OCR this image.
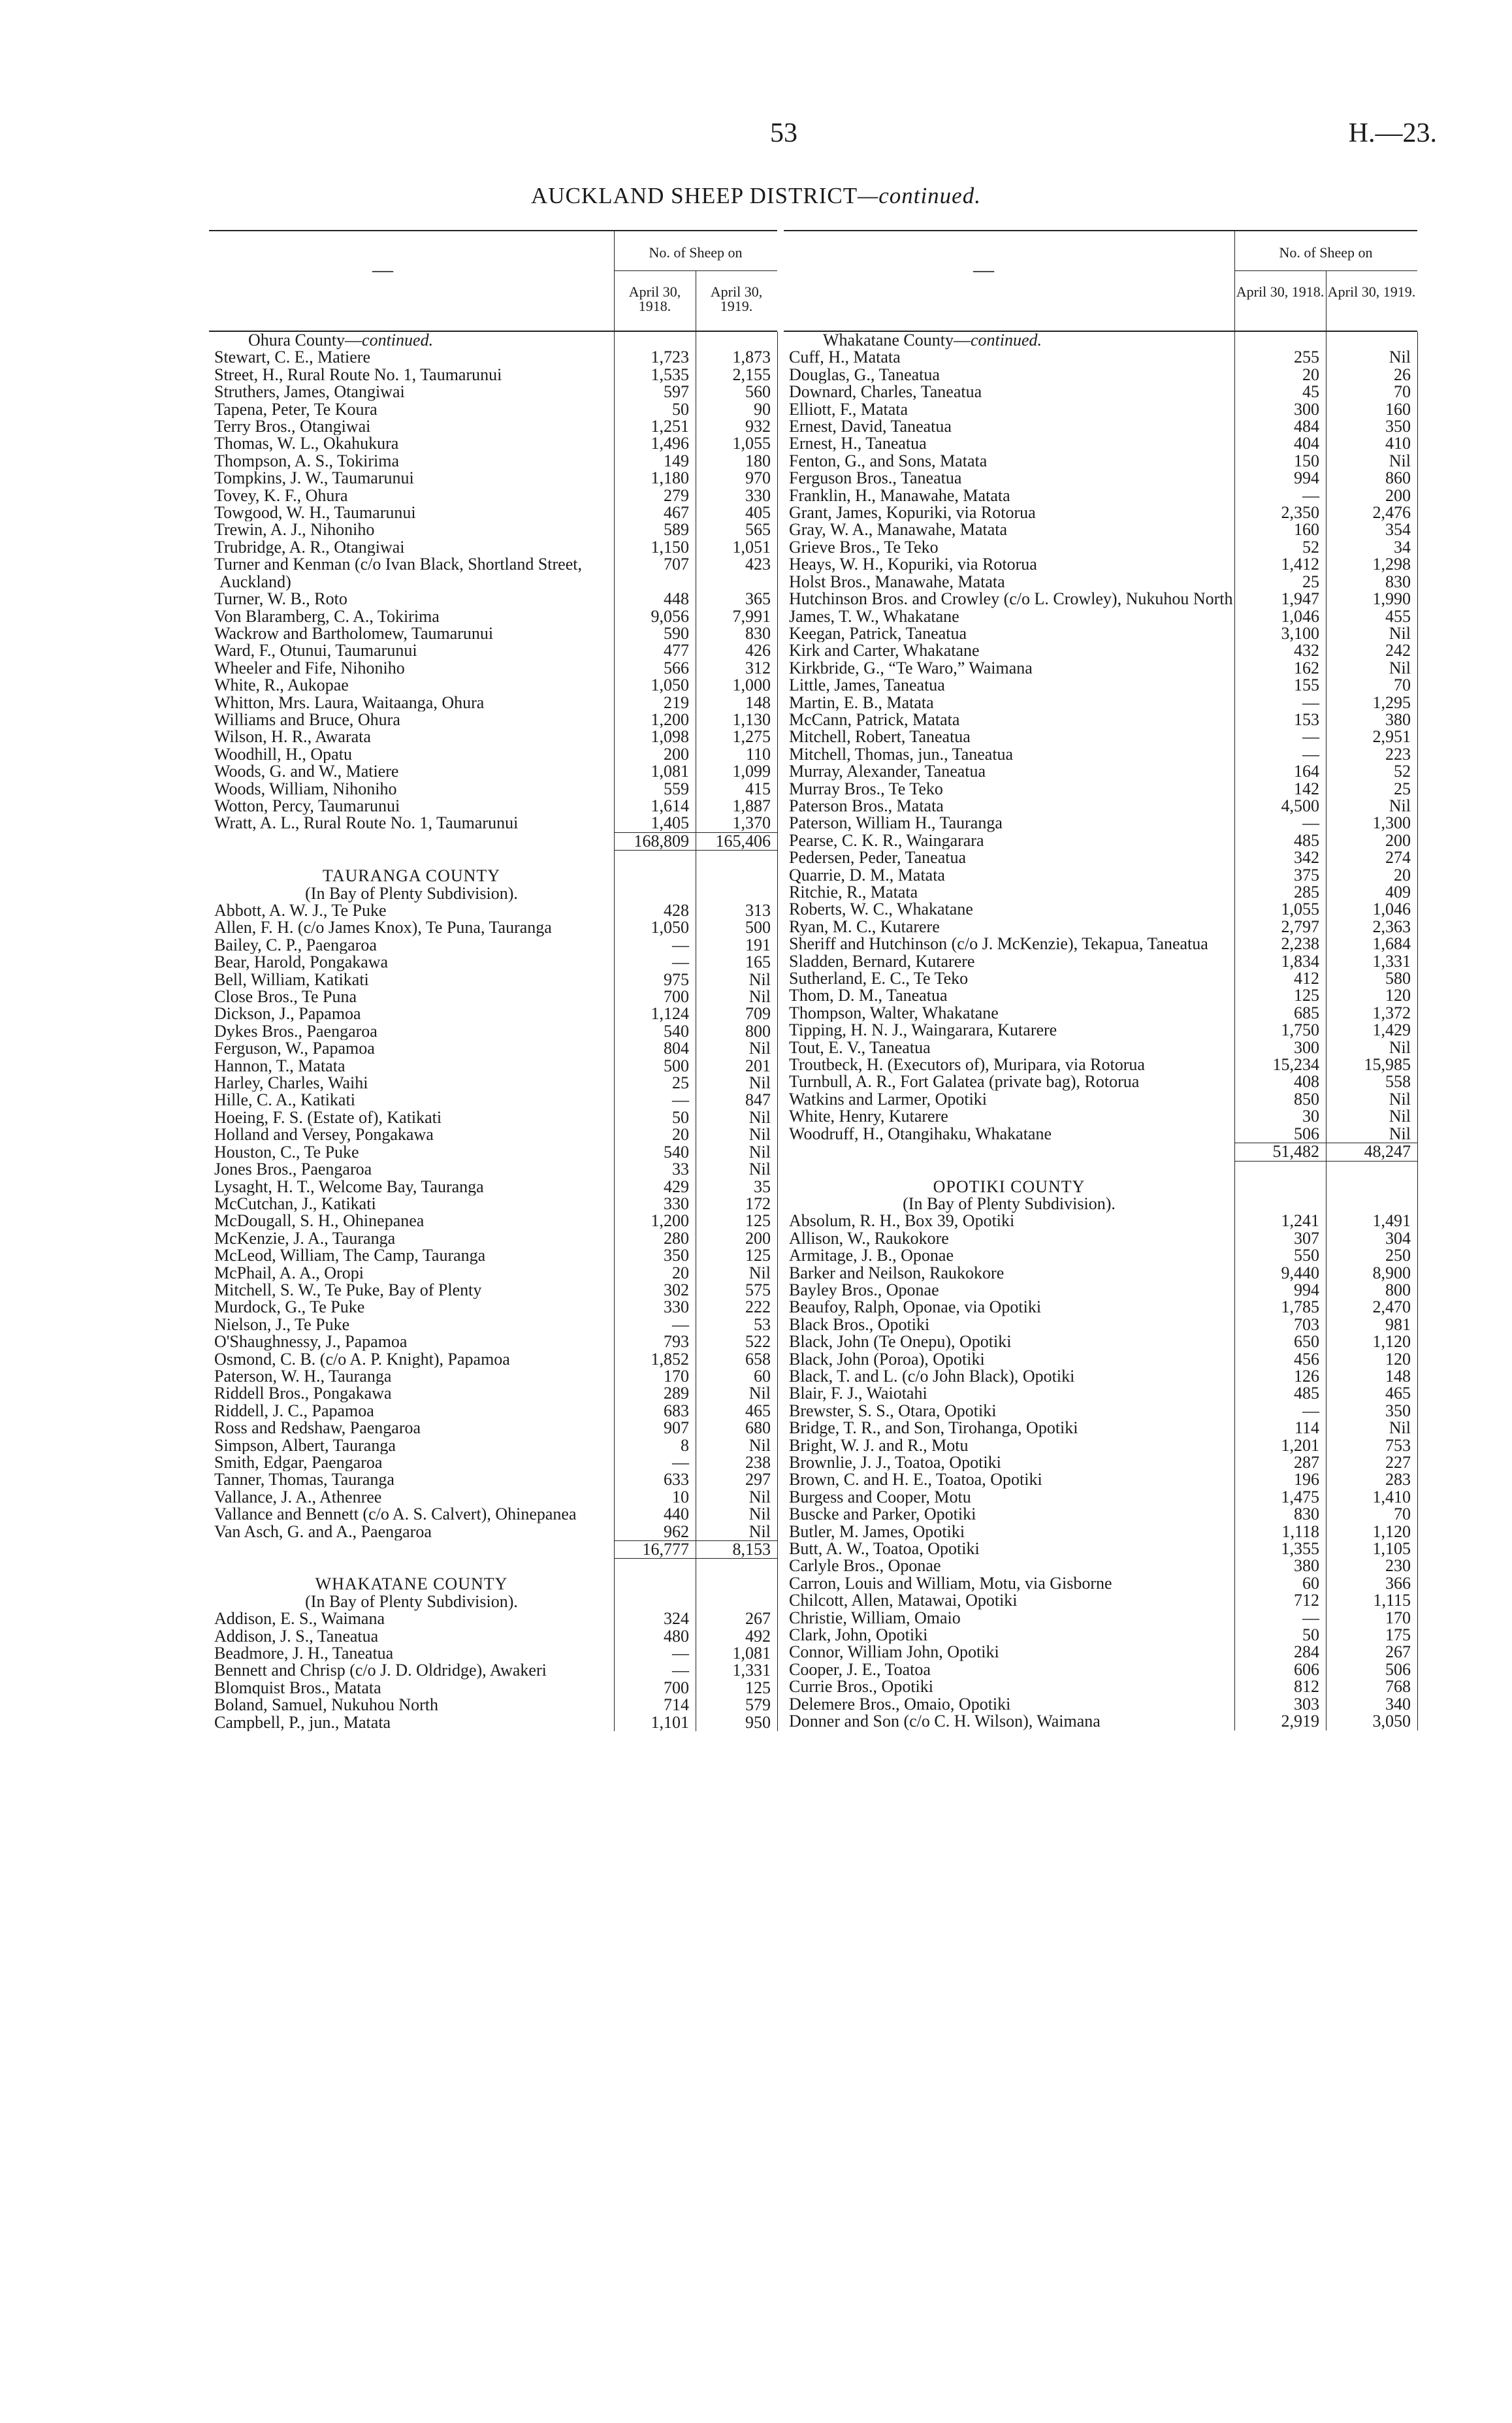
53	H.—23.
AUCKLAND SHEEP DISTRICT—continued.
—
No. of Sheep on
April 30, 1918.
April 30, 1919.
Ohura County—continued.
Stewart, C. E., Matiere	1,723	1,873
Street, H., Rural Route No. 1, Taumarunui	1,535	2,155
Struthers, James, Otangiwai	597	560
Tapena, Peter, Te Koura	50	90
Terry Bros., Otangiwai	1,251	932
Thomas, W. L., Okahukura	1,496	1,055
Thompson, A. S., Tokirima	149	180
Tompkins, J. W., Taumarunui	1,180	970
Tovey, K. F., Ohura	279	330
Towgood, W. H., Taumarunui	467	405
Trewin, A. J., Nihoniho	589	565
Trubridge, A. R., Otangiwai	1,150	1,051
Turner and Kenman (c/o Ivan Black, Shortland Street, Auckland)
707	423
Turner, W. B., Roto	448	365
Von Blaramberg, C. A., Tokirima	9,056	7,991
Wackrow and Bartholomew, Taumarunui	590	830
Ward, F., Otunui, Taumarunui	477	426
Wheeler and Fife, Nihoniho	566	312
White, R., Aukopae	1,050	1,000
Whitton, Mrs. Laura, Waitaanga, Ohura	219	148
Williams and Bruce, Ohura	1,200	1,130
Wilson, H. R., Awarata	1,098	1,275
Woodhill, H., Opatu	200	110
Woods, G. and W., Matiere	1,081	1,099
Woods, William, Nihoniho	559	415
Wotton, Percy, Taumarunui	1,614	1,887
Wratt, A. L., Rural Route No. 1, Taumarunui	1,405	1,370
168,809	165,406
TAURANGA COUNTY
(In Bay of Plenty Subdivision).
Abbott, A. W. J., Te Puke	428	313
Allen, F. H. (c/o James Knox), Te Puna, Tauranga	1,050	500
Bailey, C. P., Paengaroa	—	191
Bear, Harold, Pongakawa	—	165
Bell, William, Katikati	975	Nil
Close Bros., Te Puna	700	Nil
Dickson, J., Papamoa	1,124	709
Dykes Bros., Paengaroa	540	800
Ferguson, W., Papamoa	804	Nil
Hannon, T., Matata	500	201
Harley, Charles, Waihi	25	Nil
Hille, C. A., Katikati	—	847
Hoeing, F. S. (Estate of), Katikati	50	Nil
Holland and Versey, Pongakawa	20	Nil
Houston, C., Te Puke	540	Nil
Jones Bros., Paengaroa	33	Nil
Lysaght, H. T., Welcome Bay, Tauranga	429	35
McCutchan, J., Katikati	330	172
McDougall, S. H., Ohinepanea	1,200	125
McKenzie, J. A., Tauranga	280	200
McLeod, William, The Camp, Tauranga	350	125
McPhail, A. A., Oropi	20	Nil
Mitchell, S. W., Te Puke, Bay of Plenty	302	575
Murdock, G., Te Puke	330	222
Nielson, J., Te Puke	—	53
O'Shaughnessy, J., Papamoa	793	522
Osmond, C. B. (c/o A. P. Knight), Papamoa	1,852	658
Paterson, W. H., Tauranga	170	60
Riddell Bros., Pongakawa	289	Nil
Riddell, J. C., Papamoa	683	465
Ross and Redshaw, Paengaroa	907	680
Simpson, Albert, Tauranga	8	Nil
Smith, Edgar, Paengaroa	—	238
Tanner, Thomas, Tauranga	633	297
Vallance, J. A., Athenree	10	Nil
Vallance and Bennett (c/o A. S. Calvert), Ohinepanea	440	Nil
Van Asch, G. and A., Paengaroa	962	Nil
16,777	8,153
WHAKATANE COUNTY
(In Bay of Plenty Subdivision).
Addison, E. S., Waimana	324	267
Addison, J. S., Taneatua	480	492
Beadmore, J. H., Taneatua	—	1,081
Bennett and Chrisp (c/o J. D. Oldridge), Awakeri	—	1,331
Blomquist Bros., Matata	700	125
Boland, Samuel, Nukuhou North	714	579
Campbell, P., jun., Matata	1,101	950
—
No. of Sheep on
April 30, 1918. April 30, 1919.
Whakatane County—continued.
Cuff, H., Matata	255	Nil
Douglas, G., Taneatua	20	26
Downard, Charles, Taneatua	45	70
Elliott, F., Matata	300	160
Ernest, David, Taneatua	484	350
Ernest, H., Taneatua	404	410
Fenton, G., and Sons, Matata	150	Nil
Ferguson Bros., Taneatua	994	860
Franklin, H., Manawahe, Matata	—	200
Grant, James, Kopuriki, via Rotorua	2,350	2,476
Gray, W. A., Manawahe, Matata	160	354
Grieve Bros., Te Teko	52	34
Heays, W. H., Kopuriki, via Rotorua	1,412	1,298
Holst Bros., Manawahe, Matata	25	830
Hutchinson Bros. and Crowley (c/o L. Crowley), Nukuhou North	1,947	1,990
James, T. W., Whakatane	1,046	455
Keegan, Patrick, Taneatua	3,100	Nil
Kirk and Carter, Whakatane	432	242
Kirkbride, G., “Te Waro,” Waimana	162	Nil
Little, James, Taneatua	155	70
Martin, E. B., Matata	—	1,295
McCann, Patrick, Matata	153	380
Mitchell, Robert, Taneatua	—	2,951
Mitchell, Thomas, jun., Taneatua	—	223
Murray, Alexander, Taneatua	164	52
Murray Bros., Te Teko	142	25
Paterson Bros., Matata	4,500	Nil
Paterson, William H., Tauranga	—	1,300
Pearse, C. K. R., Waingarara	485	200
Pedersen, Peder, Taneatua	342	274
Quarrie, D. M., Matata	375	20
Ritchie, R., Matata	285	409
Roberts, W. C., Whakatane	1,055	1,046
Ryan, M. C., Kutarere	2,797	2,363
Sheriff and Hutchinson (c/o J. McKenzie), Tekapua, Taneatua	2,238	1,684
Sladden, Bernard, Kutarere	1,834	1,331
Sutherland, E. C., Te Teko	412	580
Thom, D. M., Taneatua	125	120
Thompson, Walter, Whakatane	685	1,372
Tipping, H. N. J., Waingarara, Kutarere	1,750	1,429
Tout, E. V., Taneatua	300	Nil
Troutbeck, H. (Executors of), Muripara, via Rotorua	15,234	15,985
Turnbull, A. R., Fort Galatea (private bag), Rotorua	408	558
Watkins and Larmer, Opotiki	850	Nil
White, Henry, Kutarere	30	Nil
Woodruff, H., Otangihaku, Whakatane	506	Nil
51,482	48,247
OPOTIKI COUNTY
(In Bay of Plenty Subdivision).
Absolum, R. H., Box 39, Opotiki	1,241	1,491
Allison, W., Raukokore	307	304
Armitage, J. B., Oponae	550	250
Barker and Neilson, Raukokore	9,440	8,900
Bayley Bros., Oponae	994	800
Beaufoy, Ralph, Oponae, via Opotiki	1,785	2,470
Black Bros., Opotiki	703	981
Black, John (Te Onepu), Opotiki	650	1,120
Black, John (Poroa), Opotiki	456	120
Black, T. and L. (c/o John Black), Opotiki	126	148
Blair, F. J., Waiotahi	485	465
Brewster, S. S., Otara, Opotiki	—	350
Bridge, T. R., and Son, Tirohanga, Opotiki	114	Nil
Bright, W. J. and R., Motu	1,201	753
Brownlie, J. J., Toatoa, Opotiki	287	227
Brown, C. and H. E., Toatoa, Opotiki	196	283
Burgess and Cooper, Motu	1,475	1,410
Buscke and Parker, Opotiki	830	70
Butler, M. James, Opotiki	1,118	1,120
Butt, A. W., Toatoa, Opotiki	1,355	1,105
Carlyle Bros., Oponae	380	230
Carron, Louis and William, Motu, via Gisborne	60	366
Chilcott, Allen, Matawai, Opotiki	712	1,115
Christie, William, Omaio	—	170
Clark, John, Opotiki	50	175
Connor, William John, Opotiki	284	267
Cooper, J. E., Toatoa	606	506
Currie Bros., Opotiki	812	768
Delemere Bros., Omaio, Opotiki	303	340
Donner and Son (c/o C. H. Wilson), Waimana	2,919	3,050
